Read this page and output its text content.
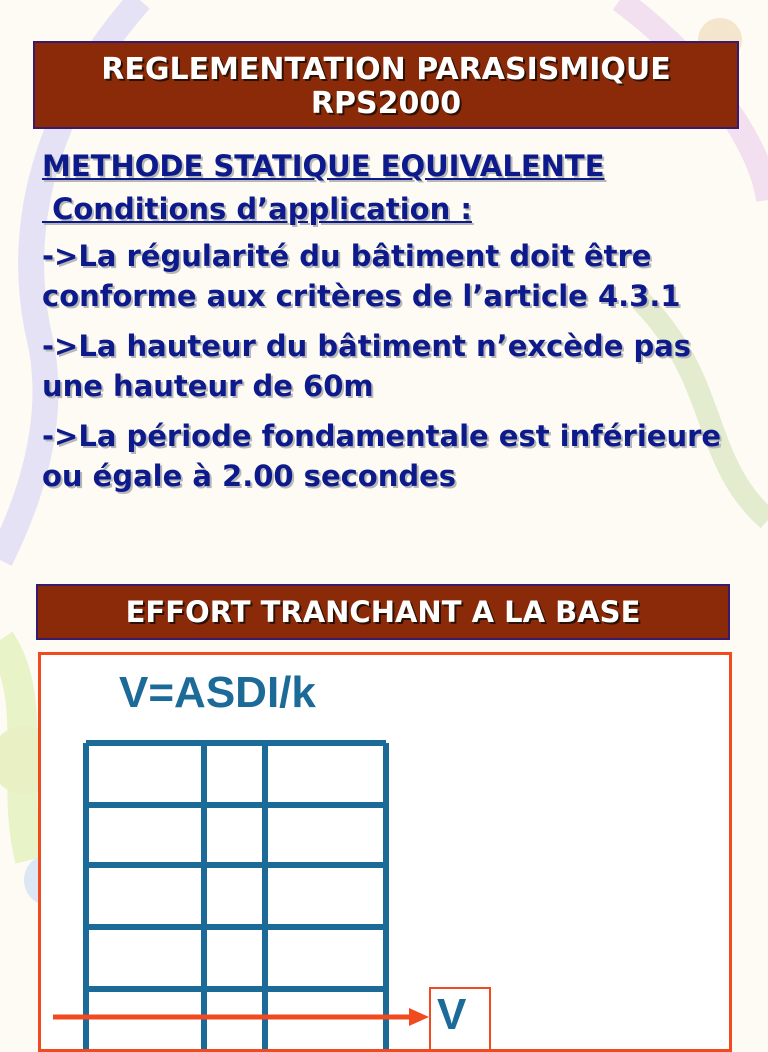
REGLEMENTATION PARASISMIQUE
RPS2000
METHODE STATIQUE EQUIVALENTE
Conditions d’application :
->La régularité du bâtiment doit être conforme aux critères de l’article 4.3.1
->La hauteur du bâtiment n’excède pas une hauteur de 60m
->La période fondamentale est inférieure ou égale à 2.00 secondes
EFFORT TRANCHANT A LA BASE
V=ASDI/k
V
